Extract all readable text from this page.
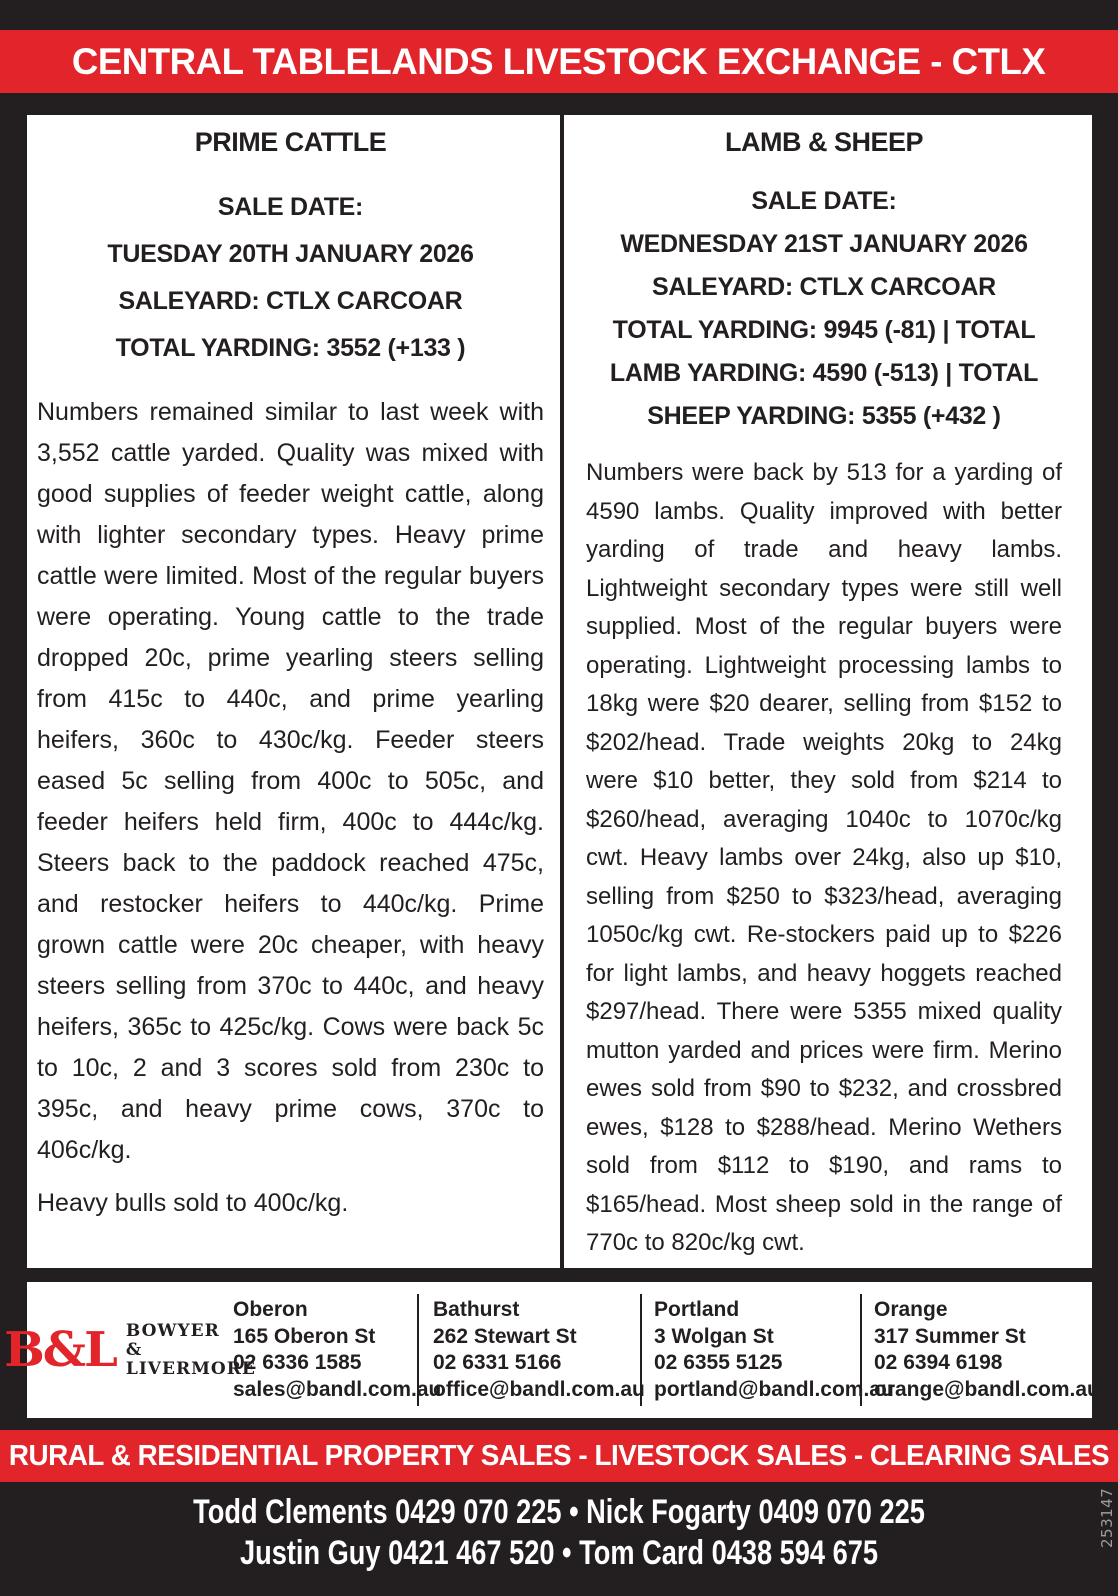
CENTRAL TABLELANDS LIVESTOCK EXCHANGE - CTLX
PRIME CATTLE
SALE DATE:
TUESDAY 20TH JANUARY 2026
SALEYARD: CTLX CARCOAR
TOTAL YARDING: 3552 (+133 )

Numbers remained similar to last week with 3,552 cattle yarded. Quality was mixed with good supplies of feeder weight cattle, along with lighter secondary types. Heavy prime cattle were limited. Most of the regular buyers were operating. Young cattle to the trade dropped 20c, prime yearling steers selling from 415c to 440c, and prime yearling heifers, 360c to 430c/kg. Feeder steers eased 5c selling from 400c to 505c, and feeder heifers held firm, 400c to 444c/kg. Steers back to the paddock reached 475c, and restocker heifers to 440c/kg. Prime grown cattle were 20c cheaper, with heavy steers selling from 370c to 440c, and heavy heifers, 365c to 425c/kg. Cows were back 5c to 10c, 2 and 3 scores sold from 230c to 395c, and heavy prime cows, 370c to 406c/kg.

Heavy bulls sold to 400c/kg.

LAMB & SHEEP
SALE DATE:
WEDNESDAY 21ST JANUARY 2026
SALEYARD: CTLX CARCOAR
TOTAL YARDING: 9945 (-81) | TOTAL LAMB YARDING: 4590 (-513) | TOTAL SHEEP YARDING: 5355 (+432 )

Numbers were back by 513 for a yarding of 4590 lambs. Quality improved with better yarding of trade and heavy lambs. Lightweight secondary types were still well supplied. Most of the regular buyers were operating. Lightweight processing lambs to 18kg were $20 dearer, selling from $152 to $202/head. Trade weights 20kg to 24kg were $10 better, they sold from $214 to $260/head, averaging 1040c to 1070c/kg cwt. Heavy lambs over 24kg, also up $10, selling from $250 to $323/head, averaging 1050c/kg cwt. Re-stockers paid up to $226 for light lambs, and heavy hoggets reached $297/head. There were 5355 mixed quality mutton yarded and prices were firm. Merino ewes sold from $90 to $232, and crossbred ewes, $128 to $288/head. Merino Wethers sold from $112 to $190, and rams to $165/head. Most sheep sold in the range of 770c to 820c/kg cwt.

B&L BOWYER
& LIVERMORE
Oberon
165 Oberon St
02 6336 1585
sales@bandl.com.au
Bathurst
262 Stewart St
02 6331 5166
office@bandl.com.au
Portland
3 Wolgan St
02 6355 5125
portland@bandl.com.au
Orange
317 Summer St
02 6394 6198
orange@bandl.com.au
RURAL & RESIDENTIAL PROPERTY SALES - LIVESTOCK SALES - CLEARING SALES
Todd Clements 0429 070 225 • Nick Fogarty 0409 070 225
Justin Guy 0421 467 520 • Tom Card 0438 594 675
253147
